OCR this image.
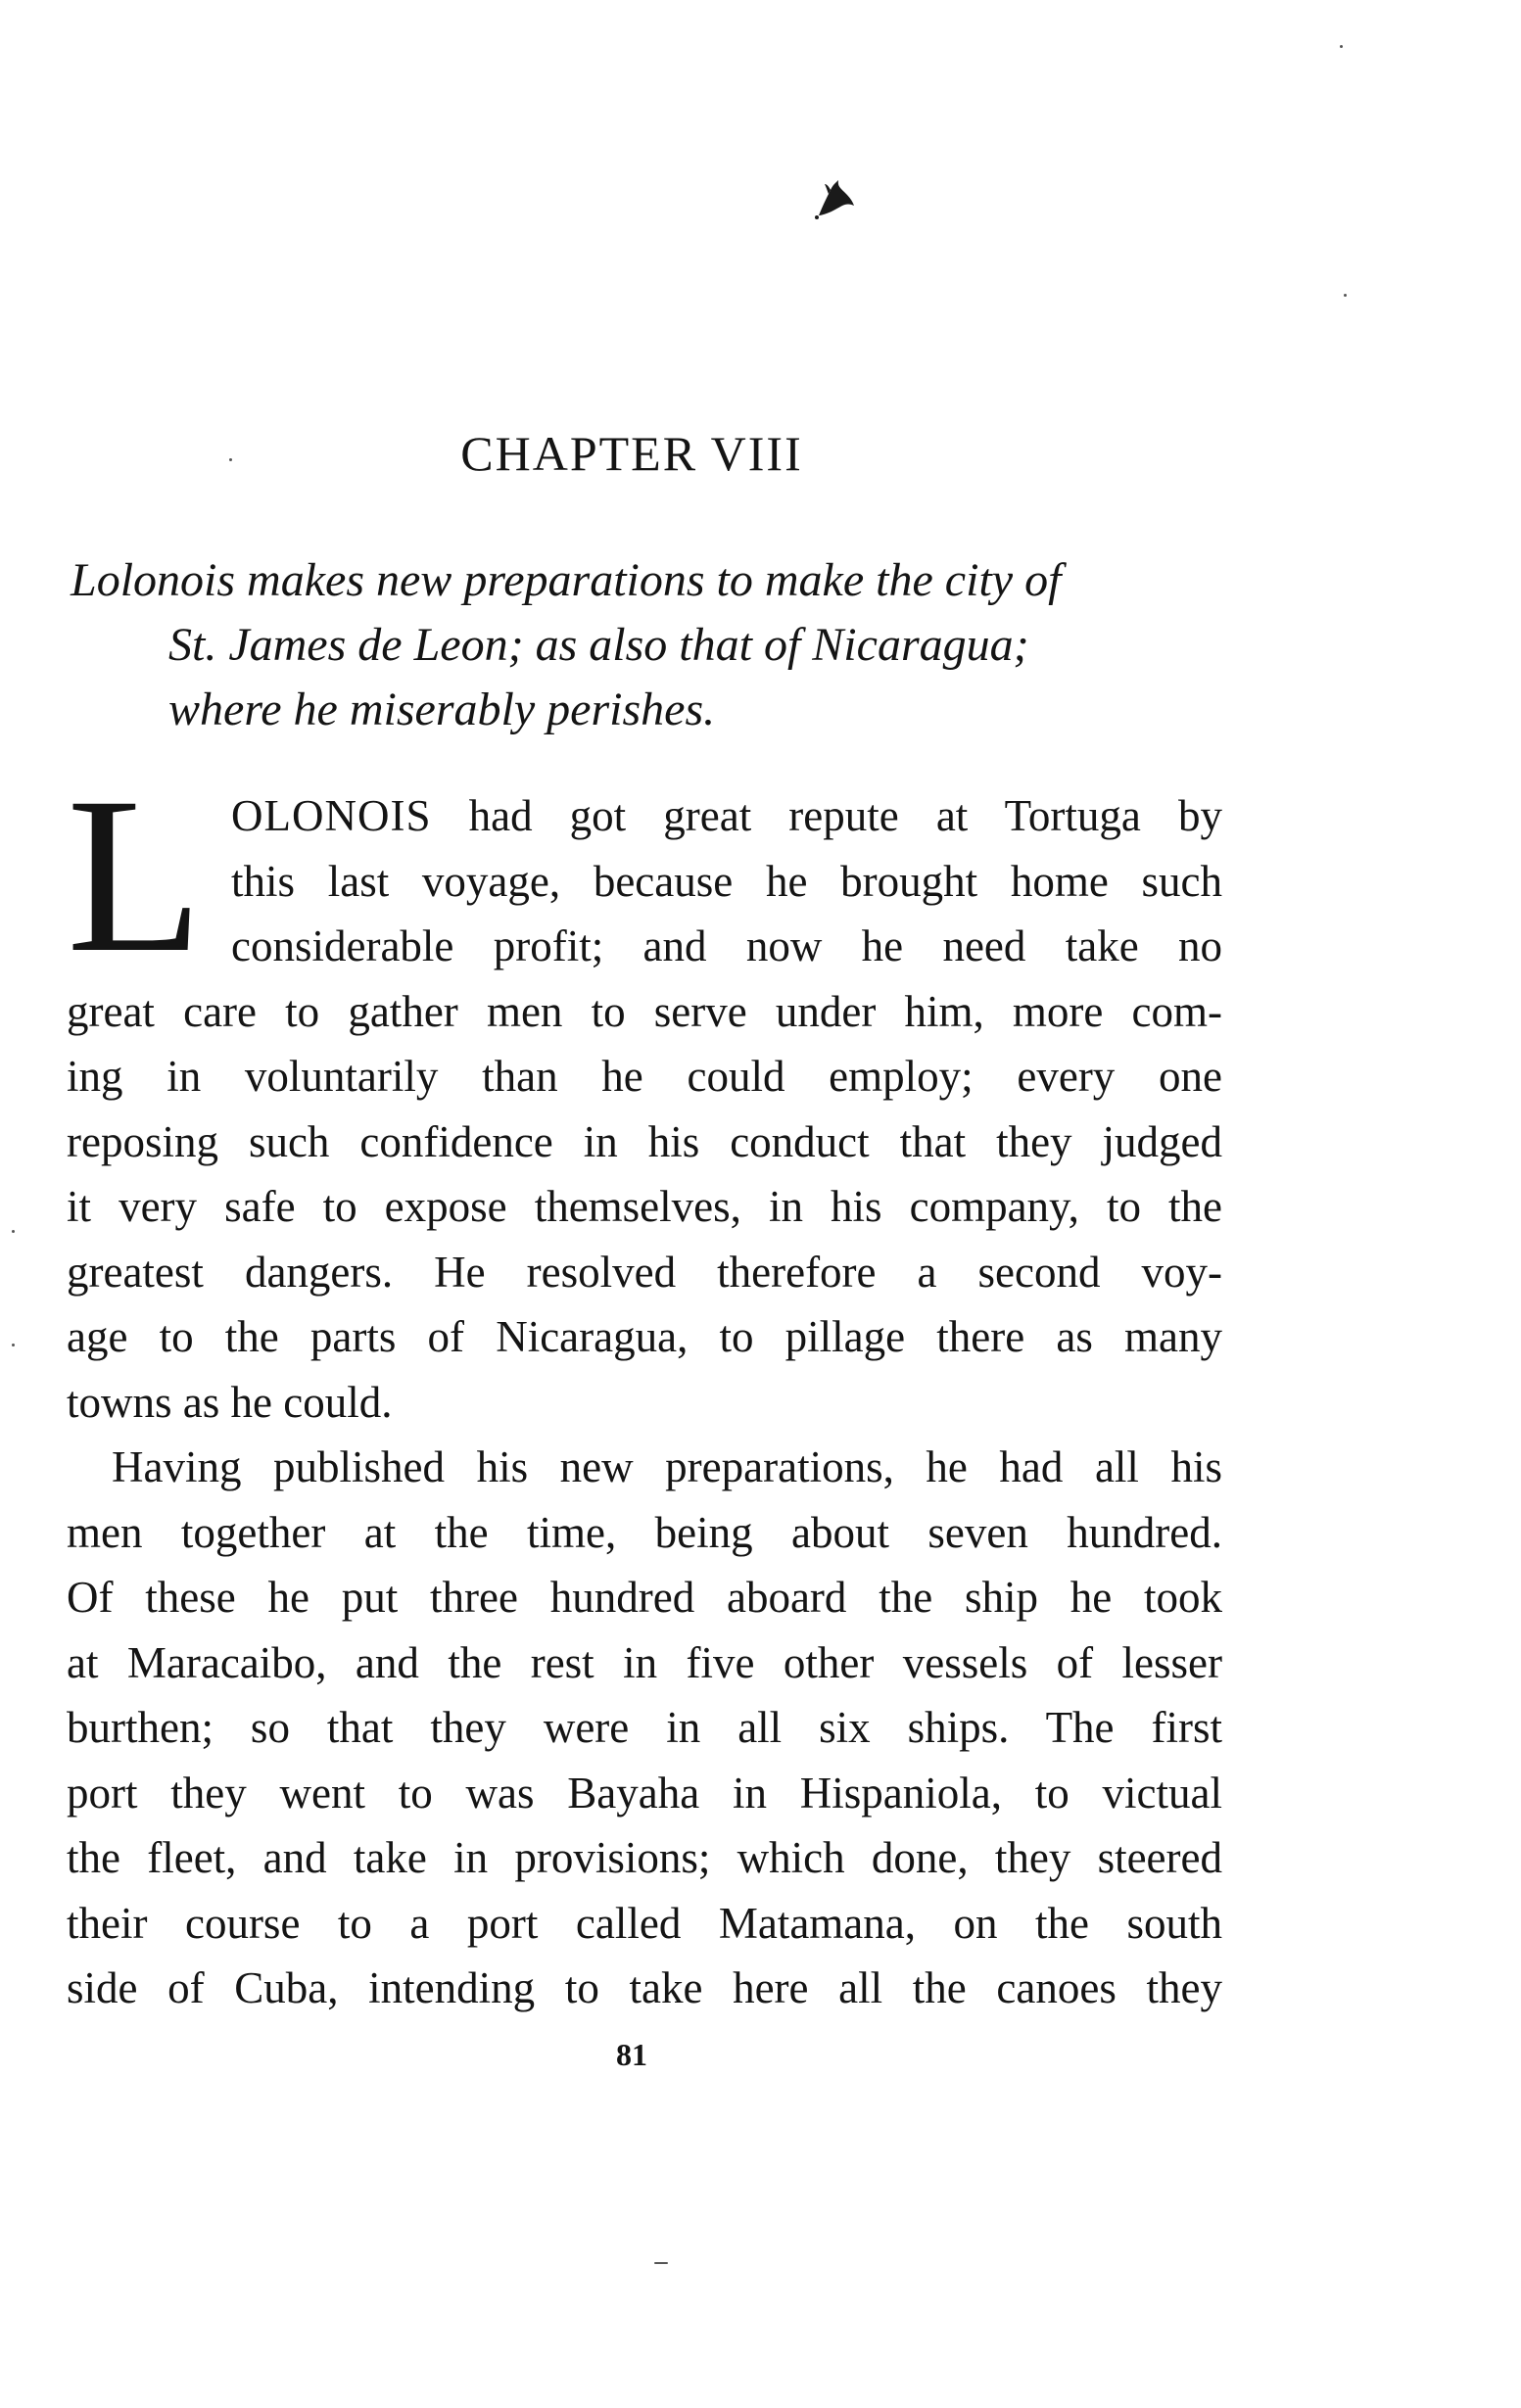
CHAPTER VIII
Lolonois makes new preparations to make the city of
St. James de Leon; as also that of Nicaragua;
where he miserably perishes.
L OLONOIS had got great repute at Tortuga by
this last voyage, because he brought home such
considerable profit; and now he need take no
great care to gather men to serve under him, more com-
ing in voluntarily than he could employ; every one
reposing such confidence in his conduct that they judged
it very safe to expose themselves, in his company, to the
greatest dangers. He resolved therefore a second voy-
age to the parts of Nicaragua, to pillage there as many
towns as he could.
Having published his new preparations, he had all his
men together at the time, being about seven hundred.
Of these he put three hundred aboard the ship he took
at Maracaibo, and the rest in five other vessels of lesser
burthen; so that they were in all six ships. The first
port they went to was Bayaha in Hispaniola, to victual
the fleet, and take in provisions; which done, they steered
their course to a port called Matamana, on the south
side of Cuba, intending to take here all the canoes they
81
